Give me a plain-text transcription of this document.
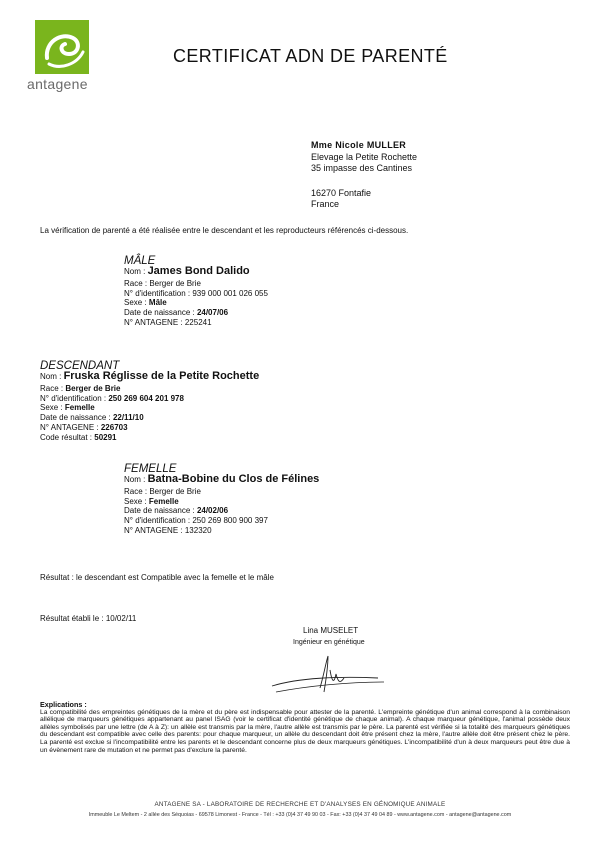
antagene
CERTIFICAT ADN DE PARENTÉ
Mme Nicole MULLER
Elevage la Petite Rochette
35 impasse des Cantines
16270 Fontafie
France
La vérification de parenté a été réalisée entre le descendant et les reproducteurs référencés ci-dessous.
MÂLE
Nom : James Bond Dalido
Race : Berger de Brie
N° d'identification : 939 000 001 026 055
Sexe : Mâle
Date de naissance : 24/07/06
N° ANTAGENE : 225241
DESCENDANT
Nom : Fruska Réglisse de la Petite Rochette
Race : Berger de Brie
N° d'identification : 250 269 604 201 978
Sexe : Femelle
Date de naissance : 22/11/10
N° ANTAGENE : 226703
Code résultat : 50291
FEMELLE
Nom : Batna-Bobine du Clos de Félines
Race : Berger de Brie
Sexe : Femelle
Date de naissance : 24/02/06
N° d'identification : 250 269 800 900 397
N° ANTAGENE : 132320
Résultat : le descendant est Compatible avec la femelle et le mâle
Résultat établi le : 10/02/11
Lina MUSELET
Ingénieur en génétique
Explications :
La compatibilité des empreintes génétiques de la mère et du père est indispensable pour attester de la parenté. L'empreinte génétique d'un animal correspond à la combinaison allélique de marqueurs génétiques appartenant au panel ISAG (voir le certificat d'identité génétique de chaque animal). A chaque marqueur génétique, l'animal possède deux allèles symbolisés par une lettre (de A à Z): un allèle est transmis par la mère, l'autre allèle est transmis par le père. La parenté est vérifiée si la totalité des marqueurs génétiques du descendant est compatible avec celle des parents: pour chaque marqueur, un allèle du descendant doit être présent chez la mère, l'autre allèle doit être présent chez le père. La parenté est exclue si l'incompatibilité entre les parents et le descendant concerne plus de deux marqueurs génétiques. L'incompatibilité d'un à deux marqueurs peut être due à un évènement rare de mutation et ne permet pas d'exclure la parenté.
ANTAGENE SA - LABORATOIRE DE RECHERCHE ET D'ANALYSES EN GÉNOMIQUE ANIMALE
Immeuble Le Meltem - 2 allée des Séquoias - 69578 Limonest - France - Tél : +33 (0)4 37 49 90 03 - Fax: +33 (0)4 37 49 04 89 - www.antagene.com - antagene@antagene.com
